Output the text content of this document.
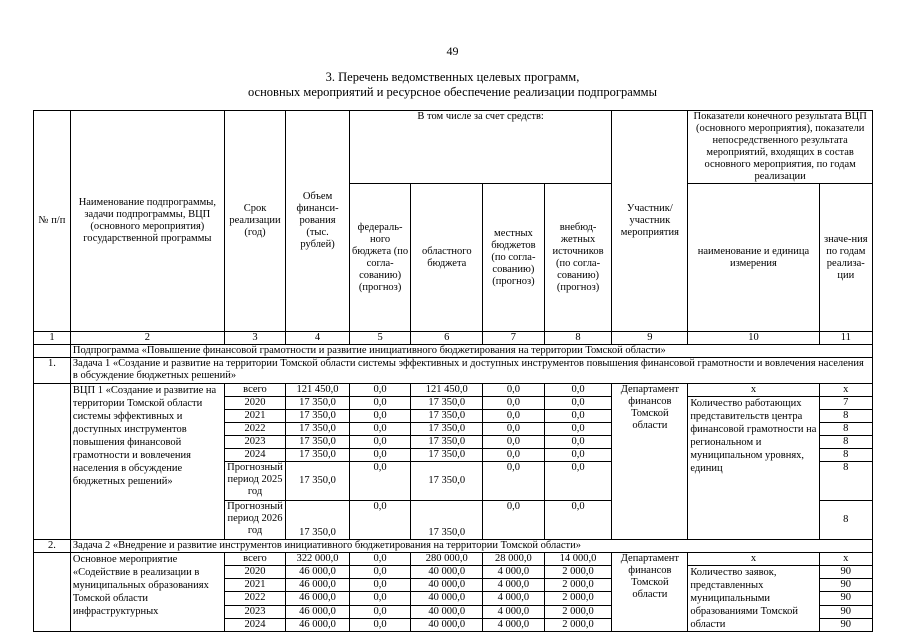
49
3. Перечень ведомственных целевых программ,
основных мероприятий и ресурсное обеспечение реализации подпрограммы
№ п/п	Наименование подпрограммы, задачи подпрограммы, ВЦП (основного мероприятия) государственной программы	Срок реализации (год)	Объем финанси-рования (тыс. рублей)	В том числе за счет средств:				Участник/ участник мероприятия	Показатели конечного результата ВЦП (основного мероприятия), показатели непосредственного результата мероприятий, входящих в состав основного мероприятия, по годам реализации	
				федераль-ного бюджета (по согла-сованию) (прогноз)	областного бюджета	местных бюджетов (по согла-сованию) (прогноз)	внебюд-жетных источников (по согла-сованию) (прогноз)		наименование и единица измерения	значе-ния по годам реализа-ции
1	2	3	4	5	6	7	8	9	10	11
	Подпрограмма «Повышение финансовой грамотности и развитие инициативного бюджетирования на территории Томской области»									
1.	Задача 1 «Создание и развитие на территории Томской области системы эффективных и доступных инструментов повышения финансовой грамотности и вовлечения населения в обсуждение бюджетных решений»									
	ВЦП 1 «Создание и развитие на территории Томской области системы эффективных и доступных инструментов повышения финансовой грамотности и вовлечения населения в обсуждение бюджетных решений»	всего	121 450,0	0,0	121 450,0	0,0	0,0	Департамент финансов Томской области	х	х
		2020	17 350,0	0,0	17 350,0	0,0	0,0		Количество работающих представительств центра финансовой грамотности на региональном и муниципальном уровнях, единиц	7
		2021	17 350,0	0,0	17 350,0	0,0	0,0			8
		2022	17 350,0	0,0	17 350,0	0,0	0,0			8
		2023	17 350,0	0,0	17 350,0	0,0	0,0			8
		2024	17 350,0	0,0	17 350,0	0,0	0,0			8
		Прогнозный период 2025 год	17 350,0	0,0	17 350,0	0,0	0,0			8
		Прогнозный период 2026 год	17 350,0	0,0	17 350,0	0,0	0,0			8
2.	Задача 2 «Внедрение и развитие инструментов инициативного бюджетирования на территории Томской области»									
	Основное мероприятие «Содействие в реализации в муниципальных образованиях Томской области инфраструктурных	всего	322 000,0	0,0	280 000,0	28 000,0	14 000,0	Департамент финансов Томской области	х	х
		2020	46 000,0	0,0	40 000,0	4 000,0	2 000,0		Количество заявок, представленных муниципальными образованиями Томской области	90
		2021	46 000,0	0,0	40 000,0	4 000,0	2 000,0			90
		2022	46 000,0	0,0	40 000,0	4 000,0	2 000,0			90
		2023	46 000,0	0,0	40 000,0	4 000,0	2 000,0			90
		2024	46 000,0	0,0	40 000,0	4 000,0	2 000,0			90
